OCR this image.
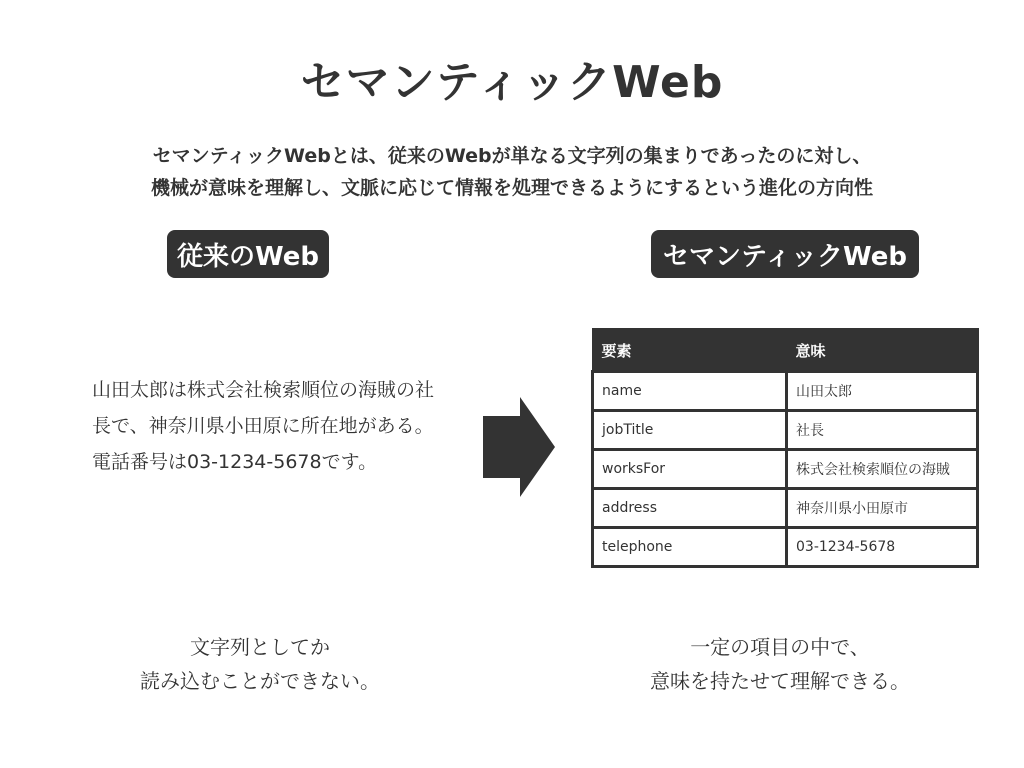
セマンティックWeb
セマンティックWebとは、従来のWebが単なる文字列の集まりであったのに対し、
機械が意味を理解し、文脈に応じて情報を処理できるようにするという進化の方向性
従来のWeb	セマンティックWeb
山田太郎は株式会社検索順位の海賊の社長で、神奈川県小田原に所在地がある。電話番号は03-1234-5678です。
要素	意味
name	山田太郎
jobTitle	社長
worksFor	株式会社検索順位の海賊
address	神奈川県小田原市
telephone	03-1234-5678
文字列としてか
読み込むことができない。
一定の項目の中で、
意味を持たせて理解できる。
